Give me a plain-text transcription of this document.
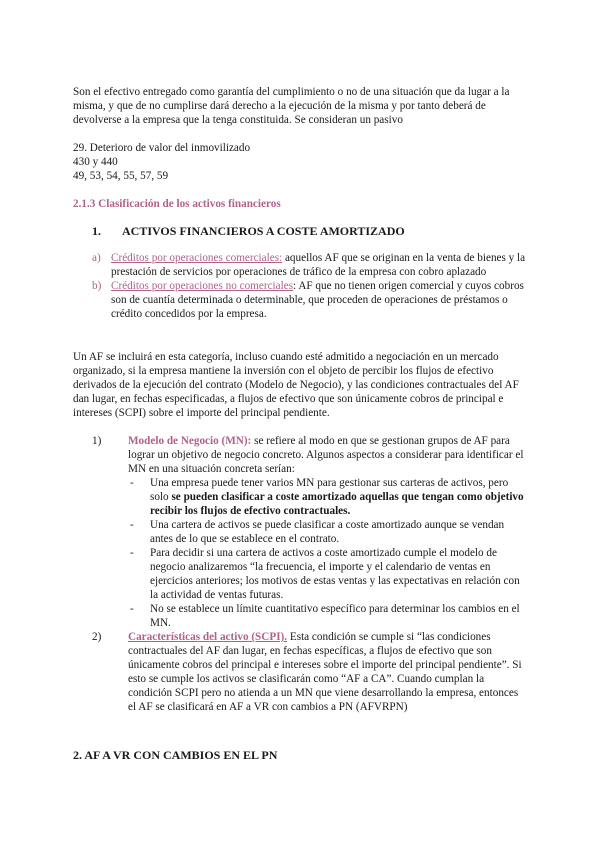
Son el efectivo entregado como garantía del cumplimiento o no de una situación que da lugar a la misma, y que de no cumplirse dará derecho a la ejecución de la misma y por tanto deberá de devolverse a la empresa que la tenga constituida. Se consideran un pasivo

29. Deterioro de valor del inmovilizado
430 y 440
49, 53, 54, 55, 57, 59
2.1.3 Clasificación de los activos financieros
1. ACTIVOS FINANCIEROS A COSTE AMORTIZADO
a) Créditos por operaciones comerciales: aquellos AF que se originan en la venta de bienes y la prestación de servicios por operaciones de tráfico de la empresa con cobro aplazado
b) Créditos por operaciones no comerciales: AF que no tienen origen comercial y cuyos cobros son de cuantía determinada o determinable, que proceden de operaciones de préstamos o crédito concedidos por la empresa.

Un AF se incluirá en esta categoría, incluso cuando esté admitido a negociación en un mercado organizado, si la empresa mantiene la inversión con el objeto de percibir los flujos de efectivo derivados de la ejecución del contrato (Modelo de Negocio), y las condiciones contractuales del AF dan lugar, en fechas especificadas, a flujos de efectivo que son únicamente cobros de principal e intereses (SCPI) sobre el importe del principal pendiente.

1)	Modelo de Negocio (MN): se refiere al modo en que se gestionan grupos de AF para lograr un objetivo de negocio concreto. Algunos aspectos a considerar para identificar el MN en una situación concreta serían:
-	Una empresa puede tener varios MN para gestionar sus carteras de activos, pero solo se pueden clasificar a coste amortizado aquellas que tengan como objetivo recibir los flujos de efectivo contractuales.
-	Una cartera de activos se puede clasificar a coste amortizado aunque se vendan antes de lo que se establece en el contrato.
-	Para decidir si una cartera de activos a coste amortizado cumple el modelo de negocio analizaremos “la frecuencia, el importe y el calendario de ventas en ejercicios anteriores; los motivos de estas ventas y las expectativas en relación con la actividad de ventas futuras.
-	No se establece un límite cuantitativo específico para determinar los cambios en el MN.
2)	Características del activo (SCPI). Esta condición se cumple si “las condiciones contractuales del AF dan lugar, en fechas específicas, a flujos de efectivo que son únicamente cobros del principal e intereses sobre el importe del principal pendiente”. Si esto se cumple los activos se clasificarán como “AF a CA”. Cuando cumplan la condición SCPI pero no atienda a un MN que viene desarrollando la empresa, entonces el AF se clasificará en AF a VR con cambios a PN (AFVRPN)
2. AF A VR CON CAMBIOS EN EL PN
